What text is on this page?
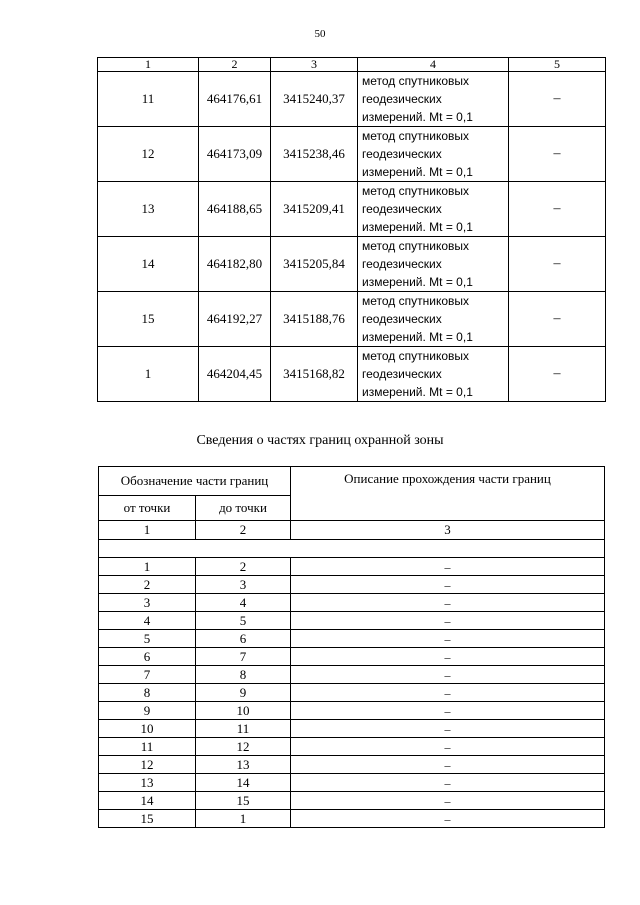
50
1	2	3	4	5
11	464176,61	3415240,37	метод спутниковых
геодезических
измерений. Mt = 0,1	–
12	464173,09	3415238,46	метод спутниковых
геодезических
измерений. Mt = 0,1	–
13	464188,65	3415209,41	метод спутниковых
геодезических
измерений. Mt = 0,1	–
14	464182,80	3415205,84	метод спутниковых
геодезических
измерений. Mt = 0,1	–
15	464192,27	3415188,76	метод спутниковых
геодезических
измерений. Mt = 0,1	–
1	464204,45	3415168,82	метод спутниковых
геодезических
измерений. Mt = 0,1	–
Сведения о частях границ охранной зоны
Обозначение части границ		Описание прохождения части границ
от точки	до точки	
1	2	3

1	2	–
2	3	–
3	4	–
4	5	–
5	6	–
6	7	–
7	8	–
8	9	–
9	10	–
10	11	–
11	12	–
12	13	–
13	14	–
14	15	–
15	1	–
